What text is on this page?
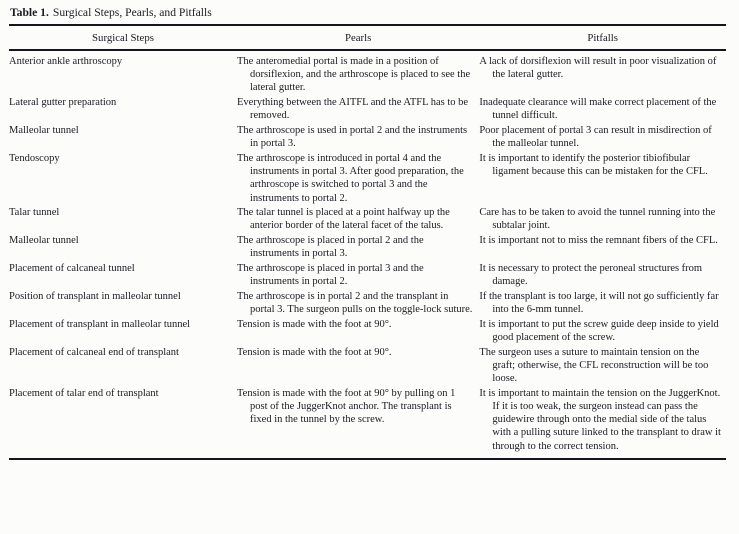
Table 1. Surgical Steps, Pearls, and Pitfalls
Surgical Steps	Pearls	Pitfalls
Anterior ankle arthroscopy	The anteromedial portal is made in a position of dorsiflexion, and the arthroscope is placed to see the lateral gutter.	A lack of dorsiflexion will result in poor visualization of the lateral gutter.
Lateral gutter preparation	Everything between the AITFL and the ATFL has to be removed.	Inadequate clearance will make correct placement of the tunnel difficult.
Malleolar tunnel	The arthroscope is used in portal 2 and the instruments in portal 3.	Poor placement of portal 3 can result in misdirection of the malleolar tunnel.
Tendoscopy	The arthroscope is introduced in portal 4 and the instruments in portal 3. After good preparation, the arthroscope is switched to portal 3 and the instruments to portal 2.	It is important to identify the posterior tibiofibular ligament because this can be mistaken for the CFL.
Talar tunnel	The talar tunnel is placed at a point halfway up the anterior border of the lateral facet of the talus.	Care has to be taken to avoid the tunnel running into the subtalar joint.
Malleolar tunnel	The arthroscope is placed in portal 2 and the instruments in portal 3.	It is important not to miss the remnant fibers of the CFL.
Placement of calcaneal tunnel	The arthroscope is placed in portal 3 and the instruments in portal 2.	It is necessary to protect the peroneal structures from damage.
Position of transplant in malleolar tunnel	The arthroscope is in portal 2 and the transplant in portal 3. The surgeon pulls on the toggle-lock suture.	If the transplant is too large, it will not go sufficiently far into the 6-mm tunnel.
Placement of transplant in malleolar tunnel	Tension is made with the foot at 90°.	It is important to put the screw guide deep inside to yield good placement of the screw.
Placement of calcaneal end of transplant	Tension is made with the foot at 90°.	The surgeon uses a suture to maintain tension on the graft; otherwise, the CFL reconstruction will be too loose.
Placement of talar end of transplant	Tension is made with the foot at 90° by pulling on 1 post of the JuggerKnot anchor. The transplant is fixed in the tunnel by the screw.	It is important to maintain the tension on the JuggerKnot. If it is too weak, the surgeon instead can pass the guidewire through onto the medial side of the talus with a pulling suture linked to the transplant to draw it through to the correct tension.
